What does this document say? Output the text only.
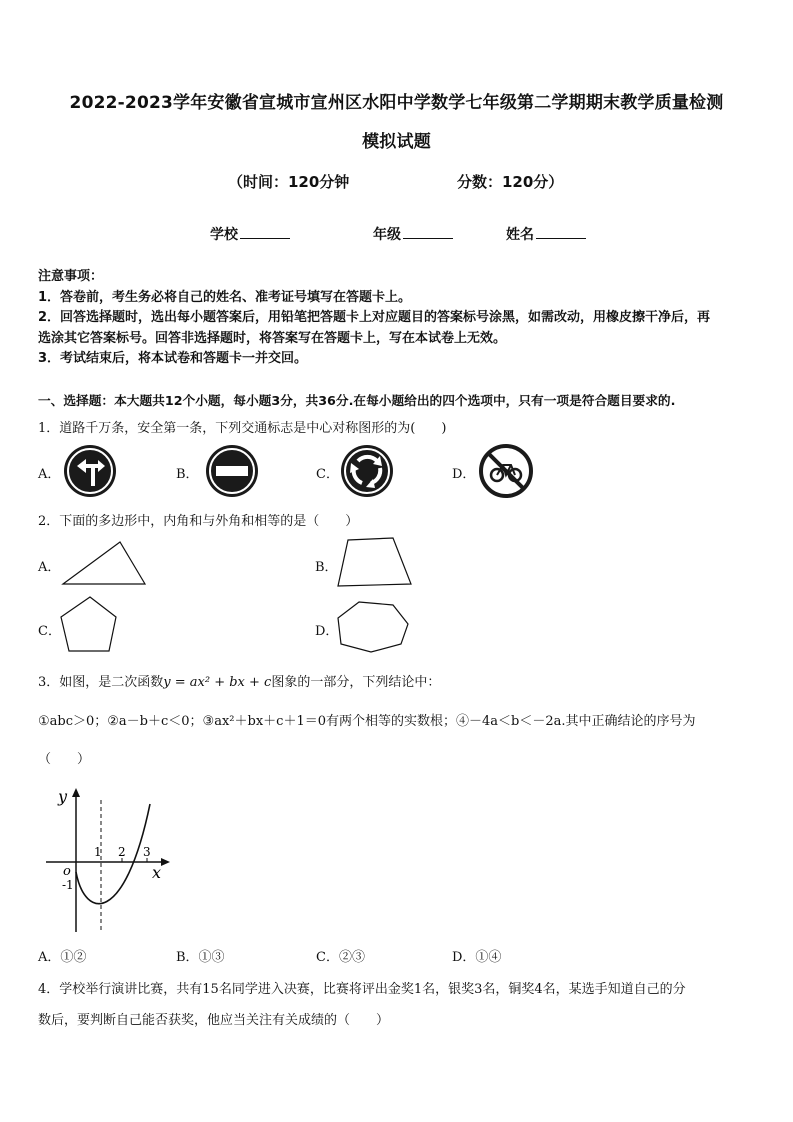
2022-2023学年安徽省宣城市宣州区水阳中学数学七年级第二学期期末教学质量检测
模拟试题
（时间：120分钟	分数：120分）
学校	年级	姓名
注意事项：
1．答卷前，考生务必将自己的姓名、准考证号填写在答题卡上。
2．回答选择题时，选出每小题答案后，用铅笔把答题卡上对应题目的答案标号涂黑，如需改动，用橡皮擦干净后，再
选涂其它答案标号。回答非选择题时，将答案写在答题卡上，写在本试卷上无效。
3．考试结束后，将本试卷和答题卡一并交回。
一、选择题：本大题共12个小题，每小题3分，共36分.在每小题给出的四个选项中，只有一项是符合题目要求的.
1．道路千万条，安全第一条，下列交通标志是中心对称图形的为(　　)
A．	B．	C．	D．
2．下面的多边形中，内角和与外角和相等的是（　　）
A．	B．
C．	D．
3．如图，是二次函数y = ax² + bx + c图象的一部分，下列结论中：
①abc＞0；②a－b＋c＜0；③ax²＋bx＋c＋1＝0有两个相等的实数根；④－4a＜b＜－2a.其中正确结论的序号为
（　　）
y
x
o
1 2 3
-1
A．①②	B．①③	C．②③	D．①④
4．学校举行演讲比赛，共有15名同学进入决赛，比赛将评出金奖1名，银奖3名，铜奖4名，某选手知道自己的分
数后，要判断自己能否获奖，他应当关注有关成绩的（　　）
